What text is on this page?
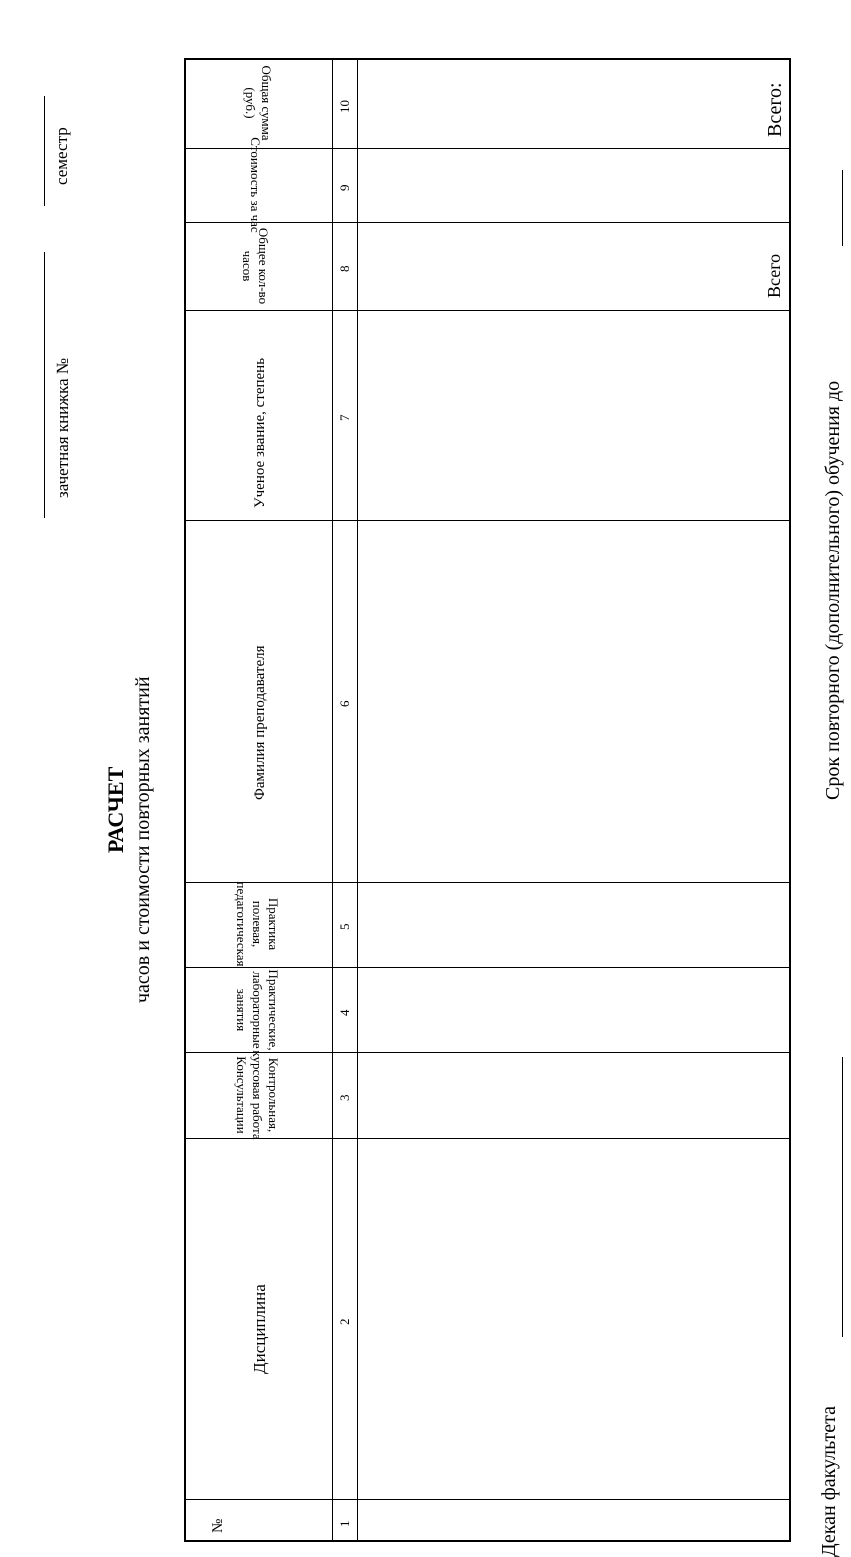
зачетная книжка №
семестр
РАСЧЕТ часов и стоимости повторных занятий
№
Дисциплина
Фамилия преподавателя
Ученое звание, степень
Контрольная,
курсовая работа
Консультации
Практические,
лабораторные
занятия
Практика
полевая,
педагогическая
Общее кол-во
часов
Стоимость за час
Общая сумма
(руб.)
1
2
3
4
5
6
7
8
9
10
Всего
Всего:
Декан факультета
Срок повторного (дополнительного) обучения до
